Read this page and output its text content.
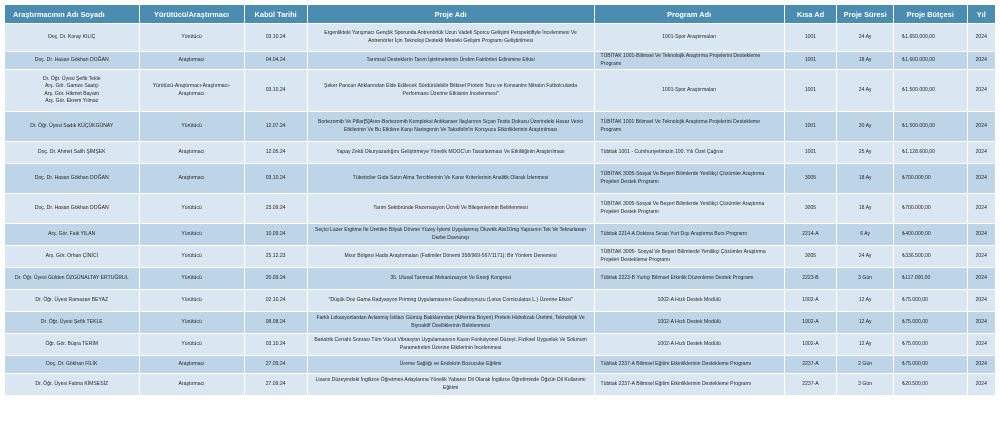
Araştırmacının Adı Soyadı	Yürütücü/Araştırmacı	Kabül Tarihi	Proje Adı	Program Adı	Kısa Ad	Proje Süresi	Proje Bütçesi	Yıl
Doç. Dr. Koray KILIÇ	Yürütücü	03.10.24	Ergenlikteki Yarışmacı Gençlik Sporunda Antrenörlük Uzun Vadeli Sporcu Gelişimi Perspektifiyle İncelenmesi Ve Antrenörler İçin Teknoloji Destekli Mesleki Gelişim Programı Geliştirilmesi	1001-Spor Araştırmaları	1001	24 Ay	₺1.650.000,00	2024
Doç. Dr. Hasan Gökhan DOĞAN	Araştırmacı	04.04.24	Tarımsal Desteklerin Tarım İşletmelerinin Üretim Faktörleri Edinimine Etkisi	TÜBİTAK 1001-Bilimsel Ve Teknolojik Araştırma Projelerini Destekleme Programı	1001	18 Ay	₺1.600.000,00	2024
Dr. Öğr. Üyesi Şefik Tekle
Arş. Gör. Gamze Saatçi
Arş. Gör. Hikmet Bayam
Arş. Gör. Ekrem Yılmaz	Yürütücü-Araştırmacı-Araştırmacı-Araştırmacı	03.10.24	Şeker Pancarı Atıklarından Elde Edilecek Sürdürülebilir Bitkisel Protein Tozu ve Konsantre Nitratın Futbolcularda Performans Üzerine Etkisinin İncelenmesi"	1001-Spor Araştırmaları	1001	24 Ay	₺1.500.000,00	2024
Dr. Öğr. Üyesi Sadık KÜÇÜKGÜNAY	Yürütücü	12.07.24	Bortezomib Ve Pillar[5]Aren-Bortezomib Kompleksi Antikanser İlaçlarının Sıçan Testis Dokusu Üzerindeki Hasar Verici Etkilerinin Ve Bu Etkilere Karşı Naringenin Ve Taksifolin'in Koruyucu Etkinliklerinin Araştırılması	TÜBİTAK 1001 Bilimsel Ve Teknolojik Araştırma Projelerini Destekleme Programı	1001	30 Ay	₺1.500.000,00	2024
Doç. Dr. Ahmet Salih ŞİMŞEK	Araştırmacı	12.05.24	Yapay Zekâ Okuryazarlığını Geliştirmeye Yönelik MOOC'un Tasarlanması Ve Etkililiğinin Araştırılması	Tübitak 1001 - Cumhuriyetimizin 100. Yılı Özel Çağrısı	1001	25 Ay	₺1.128.600,00	2024
Doç. Dr. Hasan Gökhan DOĞAN	Araştırmacı	03.10.24	Tüketiciler Gıda Satın Alma Tercihlerinin Ve Karar Kriterlerinin Analitik Olarak İzlenmesi	TÜBİTAK 3005-Sosyal Ve Beşeri Bilimlerde Yenilikçi Çözümler Araştırma Projeleri Destek Programı	3005	18 Ay	₺700.000,00	2024
Doç. Dr. Hasan Gökhan DOĞAN	Yürütücü	23.09.24	Tarım Sektöründe Rezervasyon Ücreti Ve Bileşenlerinin Belirlenmesi	TÜBİTAK 3005-Sosyal Ve Beşeri Bilimlerde Yenilikçi Çözümler Araştırma Projeleri Destek Programı	3005	18 Ay	₺700.000,00	2024
Arş. Gör. Faik YILAN	Yürütücü	10.09.24	Seçici Lazer Ergitme İle Üretilen Bilyalı Dövme Yüzey İşlemi Uygulanmış Ökzetik Alsi10mg Yapısının Tek Ve Tekrarlanan Darbe Davranışı	Tübitak 2214-A Doktora Sırası Yurt Dışı Araştırma Burs Programı	2214-A	6 Ay	₺400.000,00	2024
Arş. Gör. Orhan ÇİNİCİ	Yürütücü	25.12.23	Mısır Bölgesi Hadis Araştırmaları (Fatimiler Dönemi 358/969-567/1171): Bir Yöntem Denemesi	TÜBİTAK 3005- Sosyal Ve Beşeri Bilimlerde Yenilikçi Çözümler Araştırma Projeleri Destekleme Programı	3005	24 Ay	₺336.500,00	2024
Dr. Öğr. Üyesi Gülden ÖZGÜNALTAY ERTUĞRUL	Yürütücü	20.09.24	35. Ulusal Tarımsal Mekanizasyon Ve Enerji Kongresi	Tübitak 2223-B Yurtiçi Bilimsel Etkinlik Düzenleme Destek Programı	2223-B	3 Gün	₺117.000,00	2024
Dr. Öğr. Üyesi Ramazan BEYAZ	Yürütücü	02.10.24	"Düşük Doz Gama Radyasyon Priming Uygulamasının Gazalboynuzu (Lotus Corniculatus L.) Üzerine Etkisi"	1002-A Hızlı Destek Modülü	1002-A	12 Ay	₺75.000,00	2024
Dr. Öğr. Üyesi Şefik TEKLE	Yürütücü	08.08.24	Farklı Lokasyonlardan Avlanmış İstilacı Gümüş Balıklarından (Atherina Boyeri) Protein Hidrolizatı Üretimi, Teknolojik Ve Biyoaktif Özelliklerinin Belirlenmesi	1002-A Hızlı Destek Modülü	1002-A	12 Ay	₺75.000,00	2024
Öğr. Gör. Büşra TERİM	Yürütücü	03.10.24	Bariatrik Cerrahi Sonrası Tüm Vücut Vibrasyon Uygulamasının Kasın Fonksiyonel Düzeyi, Fiziksel Uygunluk Ve Solunum Parametreleri Üzerine Etkilerinin İncelenmesi	1002-A Hızlı Destek Modülü	1002-A	12 Ay	₺75.000,00	2024
Doç. Dr. Gökhan FİLİK	Araştırmacı	27.09.24	Üreme Sağlığı ve Endokrin Bozucular Eğitimi	Tübitak 2237-A Bilimsel Eğitim Etkinliklerinin Destekleme Programı	2237-A	2 Gün	₺75.000,00	2024
Dr. Öğr. Üyesi Fatma KİMSESİZ	Araştırmacı	27.09.24	Lisans Düzeyindeki İngilizce Öğretmen Adaylarına Yönelik Yabancı Dil Olarak İngilizce Öğretiminde Öğzün Dil Kullanımı Eğitimi	Tübitak 2237-A Bilimsel Eğitim Etkinliklerinin Destekleme Programı	2237-A	3 Gün	₺20.500,00	2024
